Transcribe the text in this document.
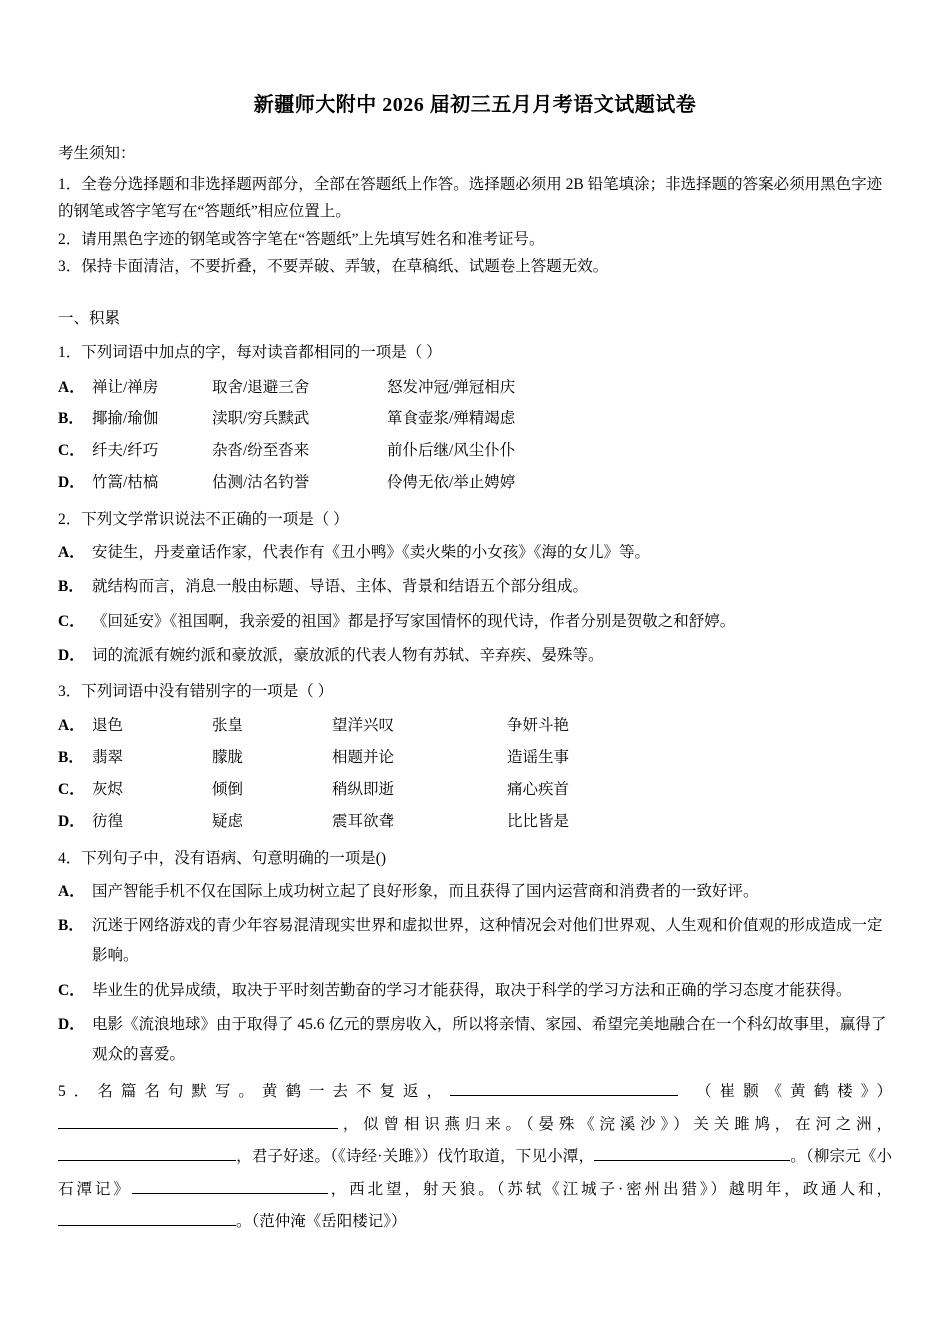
新疆师大附中 2026 届初三五月月考语文试题试卷

考生须知：

1．全卷分选择题和非选择题两部分，全部在答题纸上作答。选择题必须用 2B 铅笔填涂；非选择题的答案必须用黑色字迹的钢笔或答字笔写在“答题纸”相应位置上。

2．请用黑色字迹的钢笔或答字笔在“答题纸”上先填写姓名和准考证号。

3．保持卡面清洁，不要折叠，不要弄破、弄皱，在草稿纸、试题卷上答题无效。

一、积累

1．下列词语中加点的字，每对读音都相同的一项是（ ）

A． 禅让/禅房	取舍/退避三舍	怒发冲冠/弹冠相庆

B． 揶揄/瑜伽	渎职/穷兵黩武	箪食壶浆/殚精竭虑

C． 纤夫/纤巧	杂沓/纷至沓来	前仆后继/风尘仆仆

D． 竹篙/枯槁	估测/沽名钓誉	伶俜无依/举止娉婷

2．下列文学常识说法不正确的一项是（ ）

A． 安徒生，丹麦童话作家，代表作有《丑小鸭》《卖火柴的小女孩》《海的女儿》等。

B． 就结构而言，消息一般由标题、导语、主体、背景和结语五个部分组成。

C． 《回延安》《祖国啊，我亲爱的祖国》都是抒写家国情怀的现代诗，作者分别是贺敬之和舒婷。

D． 词的流派有婉约派和豪放派，豪放派的代表人物有苏轼、辛弃疾、晏殊等。

3．下列词语中没有错别字的一项是（ ）

A． 退色	张皇	望洋兴叹	争妍斗艳

B． 翡翠	朦胧	相题并论	造谣生事

C． 灰烬	倾倒	稍纵即逝	痛心疾首

D． 彷徨	疑虑	震耳欲聋	比比皆是

4．下列句子中，没有语病、句意明确的一项是()

A． 国产智能手机不仅在国际上成功树立起了良好形象，而且获得了国内运营商和消费者的一致好评。

B． 沉迷于网络游戏的青少年容易混清现实世界和虚拟世界，这种情况会对他们世界观、人生观和价值观的形成造成一定影响。

C． 毕业生的优异成绩，取决于平时刻苦勤奋的学习才能获得，取决于科学的学习方法和正确的学习态度才能获得。

D． 电影《流浪地球》由于取得了 45.6 亿元的票房收入，所以将亲情、家园、希望完美地融合在一个科幻故事里，赢得了观众的喜爱。

5．名篇名句默写。黄鹤一去不复返，	（崔颢《黄鹤楼》），似曾相识燕归来。（晏殊《浣溪沙》）关关雎鸠，在河之洲，，君子好逑。（《诗经·关雎》）伐竹取道，下见小潭，	。（柳宗元《小石潭记》	，西北望，射天狼。（苏轼《江城子·密州出猎》）越明年，政通人和，。（范仲淹《岳阳楼记》）
